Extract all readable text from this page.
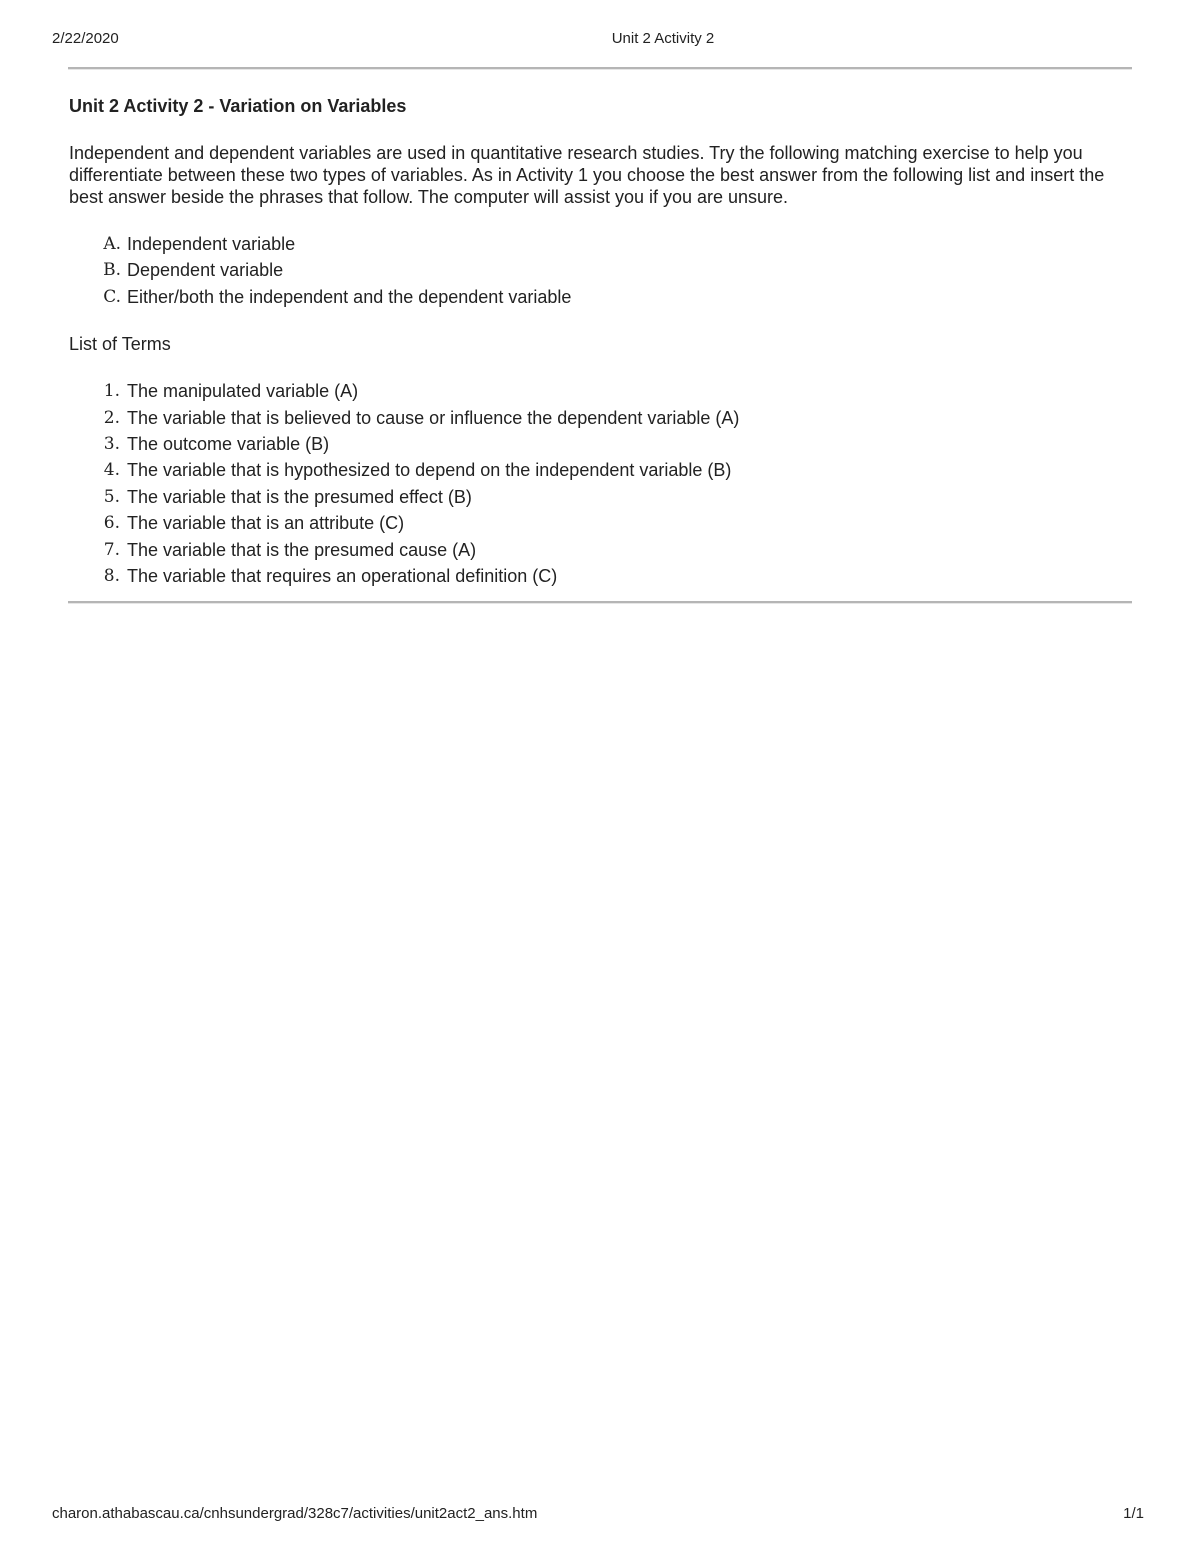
2/22/2020	Unit 2 Activity 2
Unit 2 Activity 2 - Variation on Variables
Independent and dependent variables are used in quantitative research studies. Try the following matching exercise to help you differentiate between these two types of variables. As in Activity 1 you choose the best answer from the following list and insert the best answer beside the phrases that follow. The computer will assist you if you are unsure.
A. Independent variable
B. Dependent variable
C. Either/both the independent and the dependent variable
List of Terms
1. The manipulated variable (A)
2. The variable that is believed to cause or influence the dependent variable (A)
3. The outcome variable (B)
4. The variable that is hypothesized to depend on the independent variable (B)
5. The variable that is the presumed effect (B)
6. The variable that is an attribute (C)
7. The variable that is the presumed cause (A)
8. The variable that requires an operational definition (C)
charon.athabascau.ca/cnhsundergrad/328c7/activities/unit2act2_ans.htm	1/1
